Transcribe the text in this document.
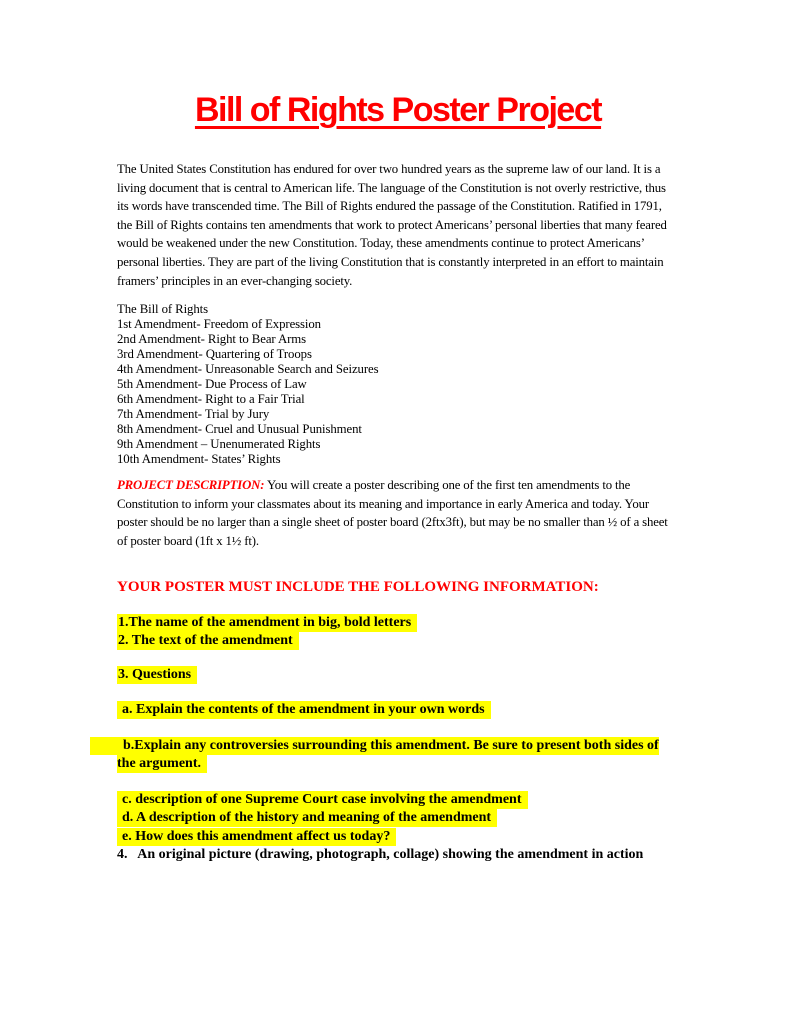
Bill of Rights Poster Project

The United States Constitution has endured for over two hundred years as the supreme law of our land. It is a living document that is central to American life. The language of the Constitution is not overly restrictive, thus its words have transcended time. The Bill of Rights endured the passage of the Constitution. Ratified in 1791, the Bill of Rights contains ten amendments that work to protect Americans’ personal liberties that many feared would be weakened under the new Constitution. Today, these amendments continue to protect Americans’ personal liberties. They are part of the living Constitution that is constantly interpreted in an effort to maintain framers’ principles in an ever-changing society.

The Bill of Rights
1st Amendment- Freedom of Expression
2nd Amendment- Right to Bear Arms
3rd Amendment- Quartering of Troops
4th Amendment- Unreasonable Search and Seizures
5th Amendment- Due Process of Law
6th Amendment- Right to a Fair Trial
7th Amendment- Trial by Jury
8th Amendment- Cruel and Unusual Punishment
9th Amendment – Unenumerated Rights
10th Amendment- States’ Rights

PROJECT DESCRIPTION: You will create a poster describing one of the first ten amendments to the Constitution to inform your classmates about its meaning and importance in early America and today. Your poster should be no larger than a single sheet of poster board (2ftx3ft), but may be no smaller than ½ of a sheet of poster board (1ft x 1½ ft).

YOUR POSTER MUST INCLUDE THE FOLLOWING INFORMATION:
1.The name of the amendment in big, bold letters
2. The text of the amendment
3. Questions
a. Explain the contents of the amendment in your own words

b.Explain any controversies surrounding this amendment. Be sure to present both sides of the argument.

c. description of one Supreme Court case involving the amendment
d. A description of the history and meaning of the amendment
e. How does this amendment affect us today?

4.   An original picture (drawing, photograph, collage) showing the amendment in action
